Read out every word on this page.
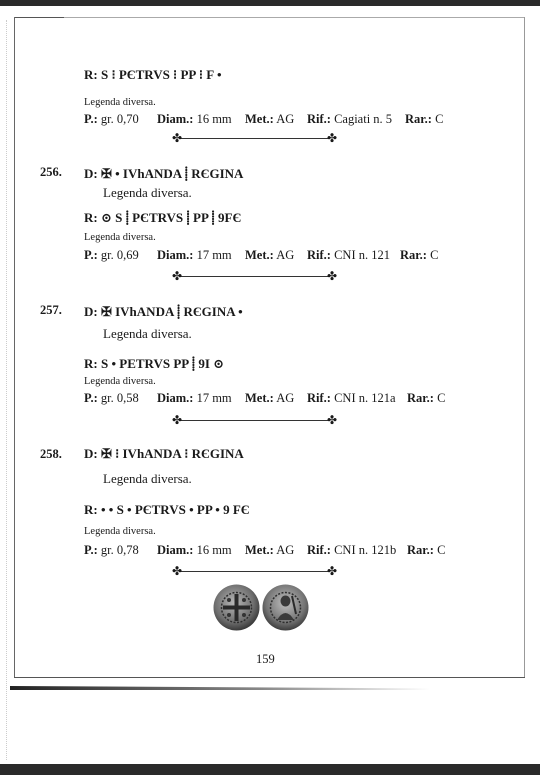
R: S ⁝ PЄTRVS ⁝ PP ⁝ F •
Legenda diversa.
P.: gr. 0,70 Diam.: 16 mm Met.: AG Rif.: Cagiati n. 5 Rar.: C
✤	✤
256. D: ✠ • IVhANDA ⸽ RЄGINA
Legenda diversa.
R: ⊙ S ⸽ PЄTRVS ⸽ PP ⸽ 9FЄ
Legenda diversa.
P.: gr. 0,69 Diam.: 17 mm Met.: AG Rif.: CNI n. 121 Rar.: C
✤	✤
257. D: ✠ IVhANDA ⸽ RЄGINA •
Legenda diversa.
R: S • PETRVS PP ⸽ 9I ⊙
Legenda diversa.
P.: gr. 0,58 Diam.: 17 mm Met.: AG Rif.: CNI n. 121a Rar.: C
✤	✤
258. D: ✠ ⁝ IVhANDA ⁝ RЄGINA
Legenda diversa.
R: • • S • PЄTRVS • PP • 9 FЄ
Legenda diversa.
P.: gr. 0,78 Diam.: 16 mm Met.: AG Rif.: CNI n. 121b Rar.: C
✤	✤
159
